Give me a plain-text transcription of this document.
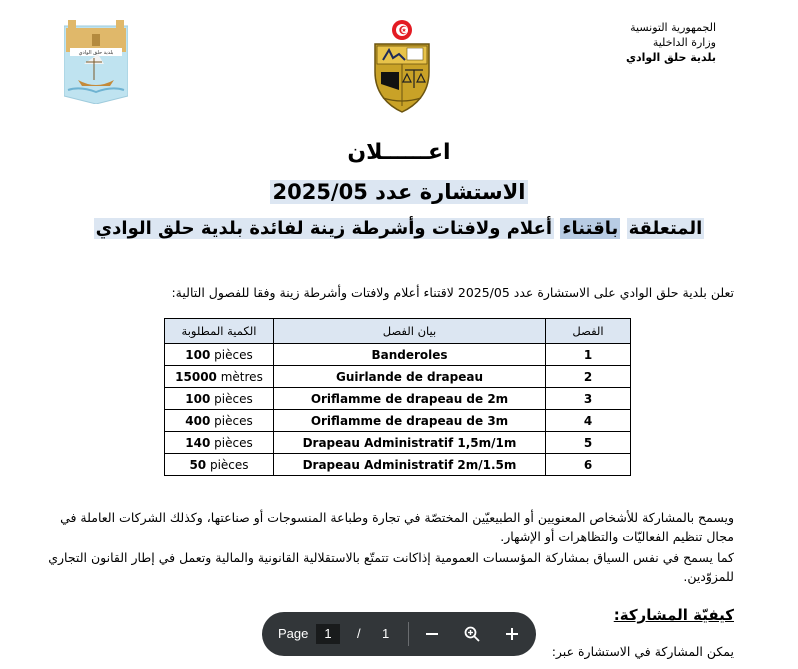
الجمهورية التونسية
وزارة الداخلية
بلدية حلق الوادي
بلدية حلق الوادي
اعــــــلان
الاستشارة عدد 2025/05
المتعلقة باقتناء أعلام ولافتات وأشرطة زينة لفائدة بلدية حلق الوادي
تعلن بلدية حلق الوادي على الاستشارة عدد 2025/05 لاقتناء أعلام ولافتات وأشرطة زينة وفقا للفصول التالية:
الفصل	بيان الفصل	الكمية المطلوبة
1	Banderoles	100 pièces
2	Guirlande de drapeau	15000 mètres
3	Oriflamme de drapeau de 2m	100 pièces
4	Oriflamme de drapeau de 3m	400 pièces
5	Drapeau Administratif 1,5m/1m	140 pièces
6	Drapeau Administratif 2m/1.5m	50 pièces
ويسمح بالمشاركة للأشخاص المعنويين أو الطبيعيّين المختصّة في تجارة وطباعة المنسوجات أو صناعتها، وكذلك الشركات العاملة في مجال تنظيم الفعاليّات والتظاهرات أو الإشهار.
كما يسمح في نفس السياق بمشاركة المؤسسات العمومية إذاكانت تتمتّع بالاستقلالية القانونية والمالية وتعمل في إطار القانون التجاري للمزوّدين.
كيفيّة المشاركة:
يمكن المشاركة في الاستشارة عبر:
Page	1	/ 1
